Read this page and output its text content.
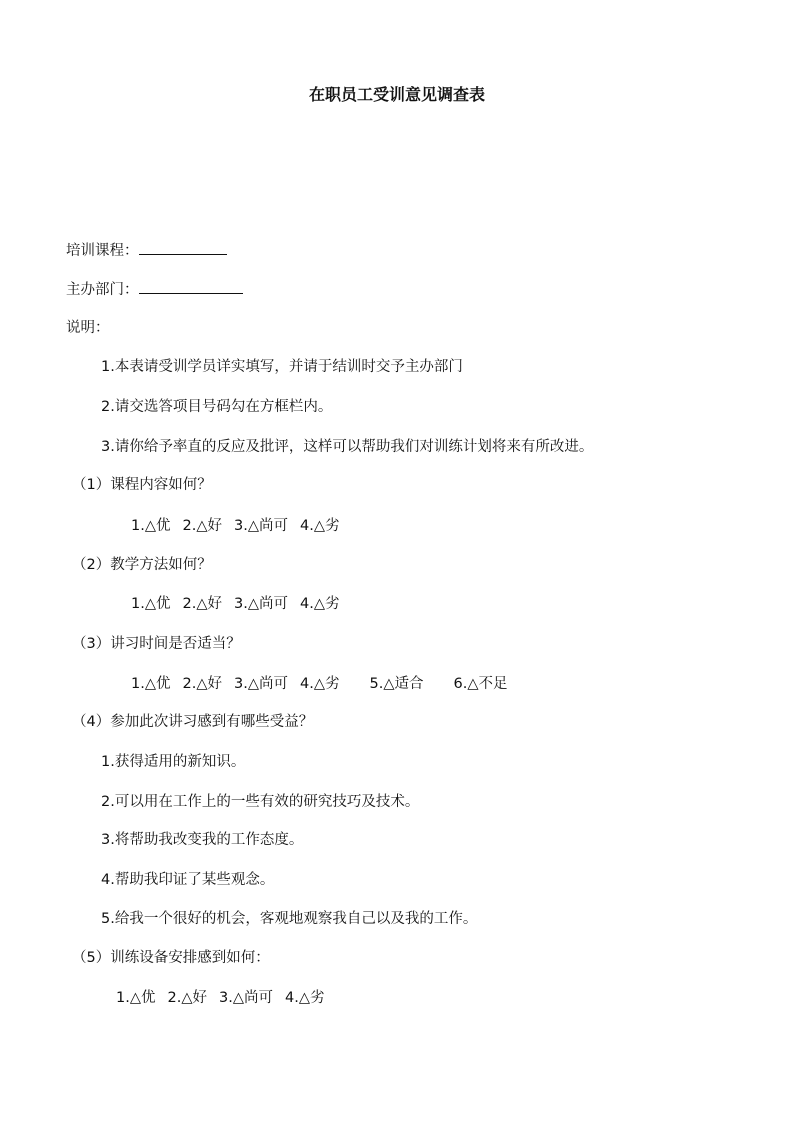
在职员工受训意见调查表
培训课程：
主办部门：
说明：
1.本表请受训学员详实填写，并请于结训时交予主办部门
2.请交选答项目号码勾在方框栏内。
3.请你给予率直的反应及批评，这样可以帮助我们对训练计划将来有所改进。
（1）课程内容如何？
1.△优 2.△好 3.△尚可 4.△劣
（2）教学方法如何？
1.△优 2.△好 3.△尚可 4.△劣
（3）讲习时间是否适当？
1.△优 2.△好 3.△尚可 4.△劣 5.△适合 6.△不足
（4）参加此次讲习感到有哪些受益？
1.获得适用的新知识。
2.可以用在工作上的一些有效的研究技巧及技术。
3.将帮助我改变我的工作态度。
4.帮助我印证了某些观念。
5.给我一个很好的机会，客观地观察我自己以及我的工作。
（5）训练设备安排感到如何：
1.△优 2.△好 3.△尚可 4.△劣
